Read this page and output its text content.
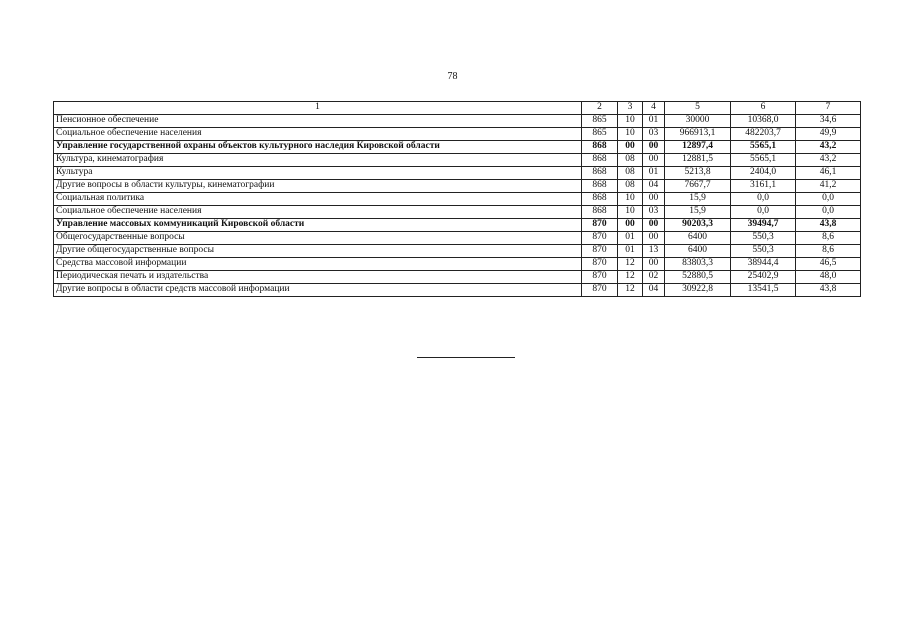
78
1	2	3	4	5	6	7
Пенсионное обеспечение	865	10	01	30000	10368,0	34,6
Социальное обеспечение населения	865	10	03	966913,1	482203,7	49,9
Управление государственной охраны объектов культурного наследия Кировской области	868	00	00	12897,4	5565,1	43,2
Культура, кинематография	868	08	00	12881,5	5565,1	43,2
Культура	868	08	01	5213,8	2404,0	46,1
Другие вопросы в области культуры, кинематографии	868	08	04	7667,7	3161,1	41,2
Социальная политика	868	10	00	15,9	0,0	0,0
Социальное обеспечение населения	868	10	03	15,9	0,0	0,0
Управление массовых коммуникаций Кировской области	870	00	00	90203,3	39494,7	43,8
Общегосударственные вопросы	870	01	00	6400	550,3	8,6
Другие общегосударственные вопросы	870	01	13	6400	550,3	8,6
Средства массовой информации	870	12	00	83803,3	38944,4	46,5
Периодическая печать и издательства	870	12	02	52880,5	25402,9	48,0
Другие вопросы в области средств массовой информации	870	12	04	30922,8	13541,5	43,8
